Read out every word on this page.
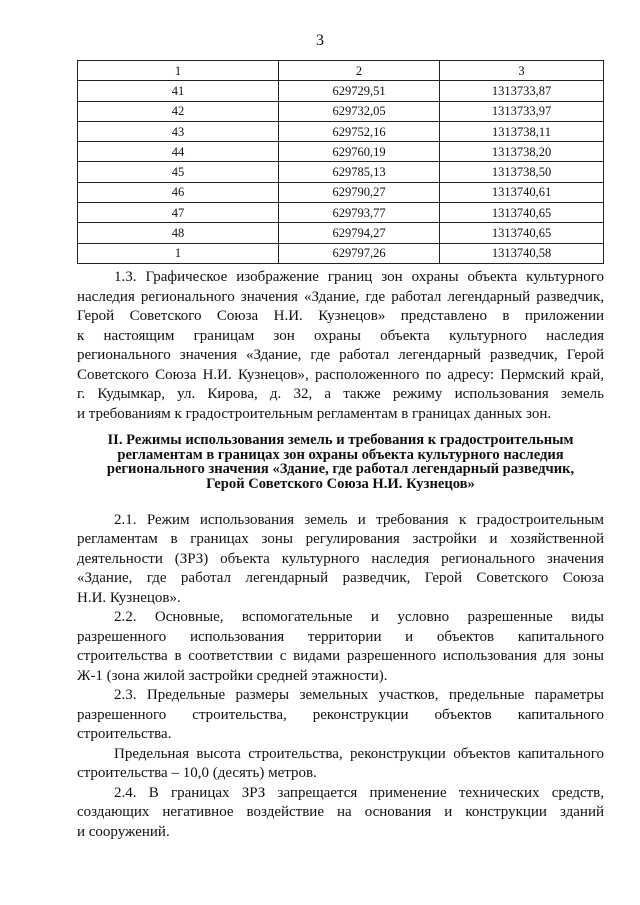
3
1	2	3
41	629729,51	1313733,87
42	629732,05	1313733,97
43	629752,16	1313738,11
44	629760,19	1313738,20
45	629785,13	1313738,50
46	629790,27	1313740,61
47	629793,77	1313740,65
48	629794,27	1313740,65
1	629797,26	1313740,58

1.3. Графическое изображение границ зон охраны объекта культурного

наследия регионального значения «Здание, где работал легендарный разведчик,

Герой Советского Союза Н.И. Кузнецов» представлено в приложении

к настоящим границам зон охраны объекта культурного наследия

регионального значения «Здание, где работал легендарный разведчик, Герой

Советского Союза Н.И. Кузнецов», расположенного по адресу: Пермский край,

г. Кудымкар, ул. Кирова, д. 32, а также режиму использования земель

и требованиям к градостроительным регламентам в границах данных зон.

II. Режимы использования земель и требования к градостроительным
регламентам в границах зон охраны объекта культурного наследия
регионального значения «Здание, где работал легендарный разведчик,
Герой Советского Союза Н.И. Кузнецов»

2.1. Режим использования земель и требования к градостроительным

регламентам в границах зоны регулирования застройки и хозяйственной

деятельности (ЗРЗ) объекта культурного наследия регионального значения

«Здание, где работал легендарный разведчик, Герой Советского Союза

Н.И. Кузнецов».

2.2. Основные, вспомогательные и условно разрешенные виды

разрешенного использования территории и объектов капитального

строительства в соответствии с видами разрешенного использования для зоны

Ж-1 (зона жилой застройки средней этажности).

2.3. Предельные размеры земельных участков, предельные параметры

разрешенного строительства, реконструкции объектов капитального

строительства.

Предельная высота строительства, реконструкции объектов капитального

строительства – 10,0 (десять) метров.

2.4. В границах ЗРЗ запрещается применение технических средств,

создающих негативное воздействие на основания и конструкции зданий

и сооружений.
